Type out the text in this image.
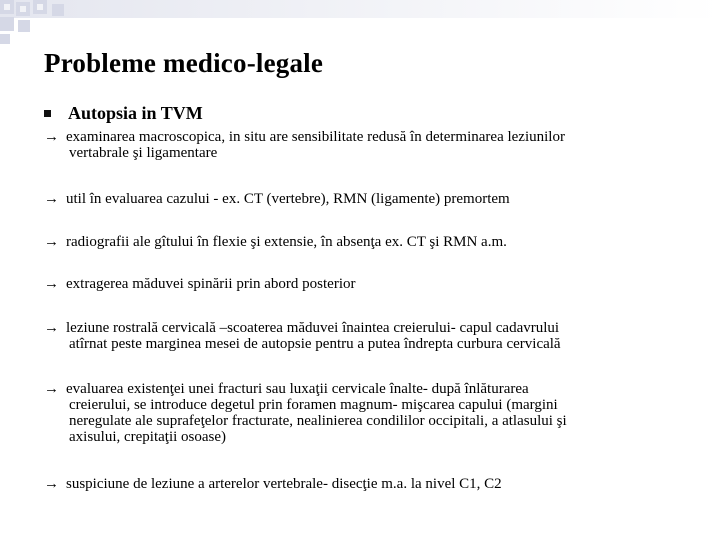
Probleme medico-legale
Autopsia in TVM
→ examinarea macroscopica, in situ are sensibilitate redusă în determinarea leziunilor
vertabrale şi ligamentare
→ util în evaluarea cazului - ex. CT (vertebre), RMN (ligamente) premortem
→ radiografii ale gîtului în flexie şi extensie, în absenţa ex. CT şi RMN a.m.
→ extragerea măduvei spinării prin abord posterior
→ leziune rostrală cervicală –scoaterea măduvei înaintea creierului- capul cadavrului
atîrnat peste marginea mesei de autopsie pentru a putea îndrepta curbura cervicală
→ evaluarea existenţei unei fracturi sau luxaţii cervicale înalte- după înlăturarea
creierului, se introduce degetul prin foramen magnum- mişcarea capului (margini
neregulate ale suprafeţelor fracturate, nealinierea condililor occipitali, a atlasului şi
axisului, crepitaţii osoase)
→ suspiciune de leziune a arterelor vertebrale- disecţie m.a. la nivel C1, C2
